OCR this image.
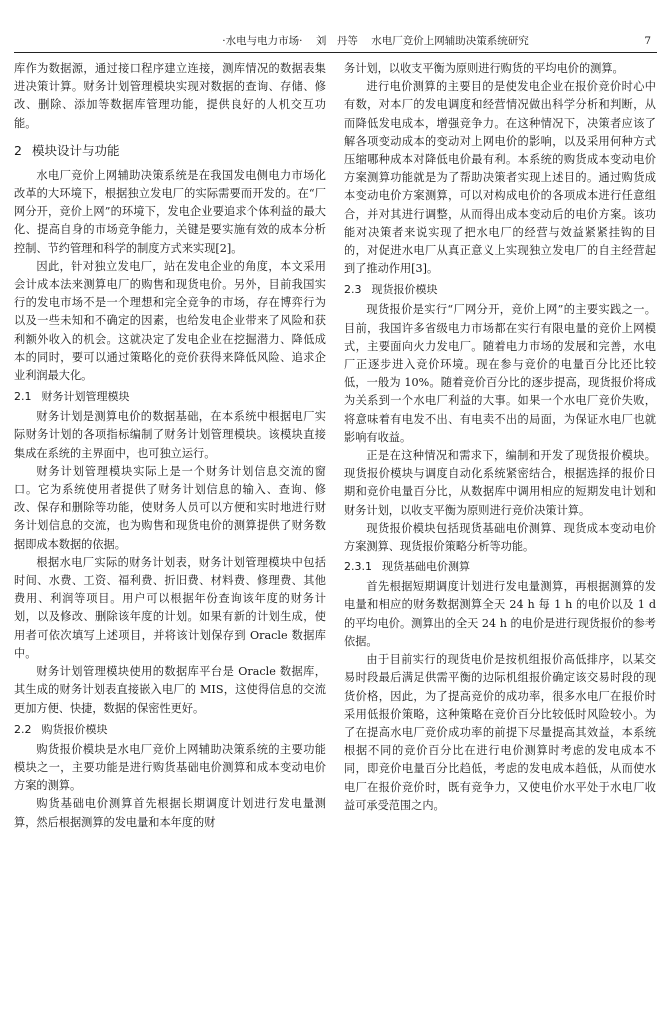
·水电与电力市场· 刘　丹等 水电厂竞价上网辅助决策系统研究	7

库作为数据源，通过接口程序建立连接，测库情况的数据表集进决策计算。财务计划管理模块实现对数据的查询、存储、修改、删除、添加等数据库管理功能，提供良好的人机交互功能。

2 模块设计与功能

水电厂竞价上网辅助决策系统是在我国发电侧电力市场化改革的大环境下，根据独立发电厂的实际需要而开发的。在“厂网分开，竞价上网”的环境下，发电企业要追求个体利益的最大化、提高自身的市场竞争能力，关键是要实施有效的成本分析控制、节约管理和科学的制度方式来实现[2]。

因此，针对独立发电厂，站在发电企业的角度，本文采用会计成本法来测算电厂的购售和现货电价。另外，目前我国实行的发电市场不是一个理想和完全竞争的市场，存在博弈行为以及一些未知和不确定的因素，也给发电企业带来了风险和获利额外收入的机会。这就决定了发电企业在挖掘潜力、降低成本的同时，要可以通过策略化的竞价获得来降低风险、追求企业利润最大化。

2.1 财务计划管理模块

财务计划是测算电价的数据基础，在本系统中根据电厂实际财务计划的各项指标编制了财务计划管理模块。该模块直接集成在系统的主界面中，也可独立运行。

财务计划管理模块实际上是一个财务计划信息交流的窗口。它为系统使用者提供了财务计划信息的输入、查询、修改、保存和删除等功能，使财务人员可以方便和实时地进行财务计划信息的交流，也为购售和现货电价的测算提供了财务数据即成本数据的依据。

根据水电厂实际的财务计划表，财务计划管理模块中包括时间、水费、工资、福利费、折旧费、材料费、修理费、其他费用、利润等项目。用户可以根据年份查询该年度的财务计划，以及修改、删除该年度的计划。如果有新的计划生成，使用者可依次填写上述项目，并将该计划保存到 Oracle 数据库中。

财务计划管理模块使用的数据库平台是 Oracle 数据库，其生成的财务计划表直接嵌入电厂的 MIS，这使得信息的交流更加方便、快捷，数据的保密性更好。

2.2 购货报价模块

购货报价模块是水电厂竞价上网辅助决策系统的主要功能模块之一，主要功能是进行购货基础电价测算和成本变动电价方案的测算。

购货基础电价测算首先根据长期调度计划进行发电量测算，然后根据测算的发电量和本年度的财

务计划，以收支平衡为原则进行购货的平均电价的测算。

进行电价测算的主要目的是使发电企业在报价竞价时心中有数，对本厂的发电调度和经营情况做出科学分析和判断，从而降低发电成本，增强竞争力。在这种情况下，决策者应该了解各项变动成本的变动对上网电价的影响，以及采用何种方式压缩哪种成本对降低电价最有利。本系统的购货成本变动电价方案测算功能就是为了帮助决策者实现上述目的。通过购货成本变动电价方案测算，可以对构成电价的各项成本进行任意组合，并对其进行调整，从而得出成本变动后的电价方案。该功能对决策者来说实现了把水电厂的经营与效益紧紧挂钩的目的，对促进水电厂从真正意义上实现独立发电厂的自主经营起到了推动作用[3]。

2.3 现货报价模块

现货报价是实行“厂网分开，竞价上网”的主要实践之一。目前，我国许多省级电力市场都在实行有限电量的竞价上网模式，主要面向火力发电厂。随着电力市场的发展和完善，水电厂正逐步进入竞价环境。现在参与竞价的电量百分比还比较低，一般为 10%。随着竞价百分比的逐步提高，现货报价将成为关系到一个水电厂利益的大事。如果一个水电厂竞价失败，将意味着有电发不出、有电卖不出的局面，为保证水电厂也就影响有收益。

正是在这种情况和需求下，编制和开发了现货报价模块。现货报价模块与调度自动化系统紧密结合，根据选择的报价日期和竞价电量百分比，从数据库中调用相应的短期发电计划和财务计划，以收支平衡为原则进行竞价决策计算。

现货报价模块包括现货基础电价测算、现货成本变动电价方案测算、现货报价策略分析等功能。

2.3.1 现货基础电价测算

首先根据短期调度计划进行发电量测算，再根据测算的发电量和相应的财务数据测算全天 24 h 每 1 h 的电价以及 1 d 的平均电价。测算出的全天 24 h 的电价是进行现货报价的参考依据。

由于目前实行的现货电价是按机组报价高低排序，以某交易时段最后满足供需平衡的边际机组报价确定该交易时段的现货价格，因此，为了提高竞价的成功率，很多水电厂在报价时采用低报价策略，这种策略在竞价百分比较低时风险较小。为了在提高水电厂竞价成功率的前提下尽量提高其效益，本系统根据不同的竞价百分比在进行电价测算时考虑的发电成本不同，即竞价电量百分比趋低，考虑的发电成本趋低，从而使水电厂在报价竞价时，既有竞争力，又使电价水平处于水电厂收益可承受范围之内。
